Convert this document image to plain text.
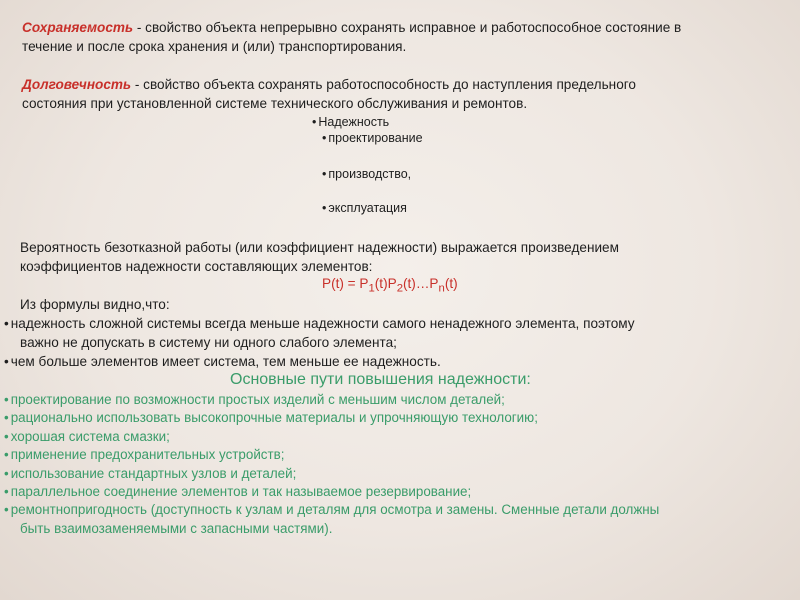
Сохраняемость - свойство объекта непрерывно сохранять исправное и работоспособное состояние в
течение и после срока хранения и (или) транспортирования.
Долговечность - свойство объекта сохранять работоспособность до наступления предельного
состояния при установленной системе технического обслуживания и ремонтов.
• Надежность
• проектирование
• производство,
• эксплуатация
Вероятность безотказной работы (или коэффициент надежности) выражается произведением
коэффициентов надежности составляющих элементов:
$P(t) = P_1(t)P_2(t)\dots P_n(t)$
Из формулы видно,что:
• надежность сложной системы всегда меньше надежности самого ненадежного элемента, поэтому
важно не допускать в систему ни одного слабого элемента;
• чем больше элементов имеет система, тем меньше ее надежность.
Основные пути повышения надежности:
• проектирование по возможности простых изделий с меньшим числом деталей;
• рационально использовать высокопрочные материалы и упрочняющую технологию;
• хорошая система смазки;
• применение предохранительных устройств;
• использование стандартных узлов и деталей;
• параллельное соединение элементов и так называемое резервирование;
• ремонтнопригодность (доступность к узлам и деталям для осмотра и замены. Сменные детали должны
быть взаимозаменяемыми с запасными частями).
